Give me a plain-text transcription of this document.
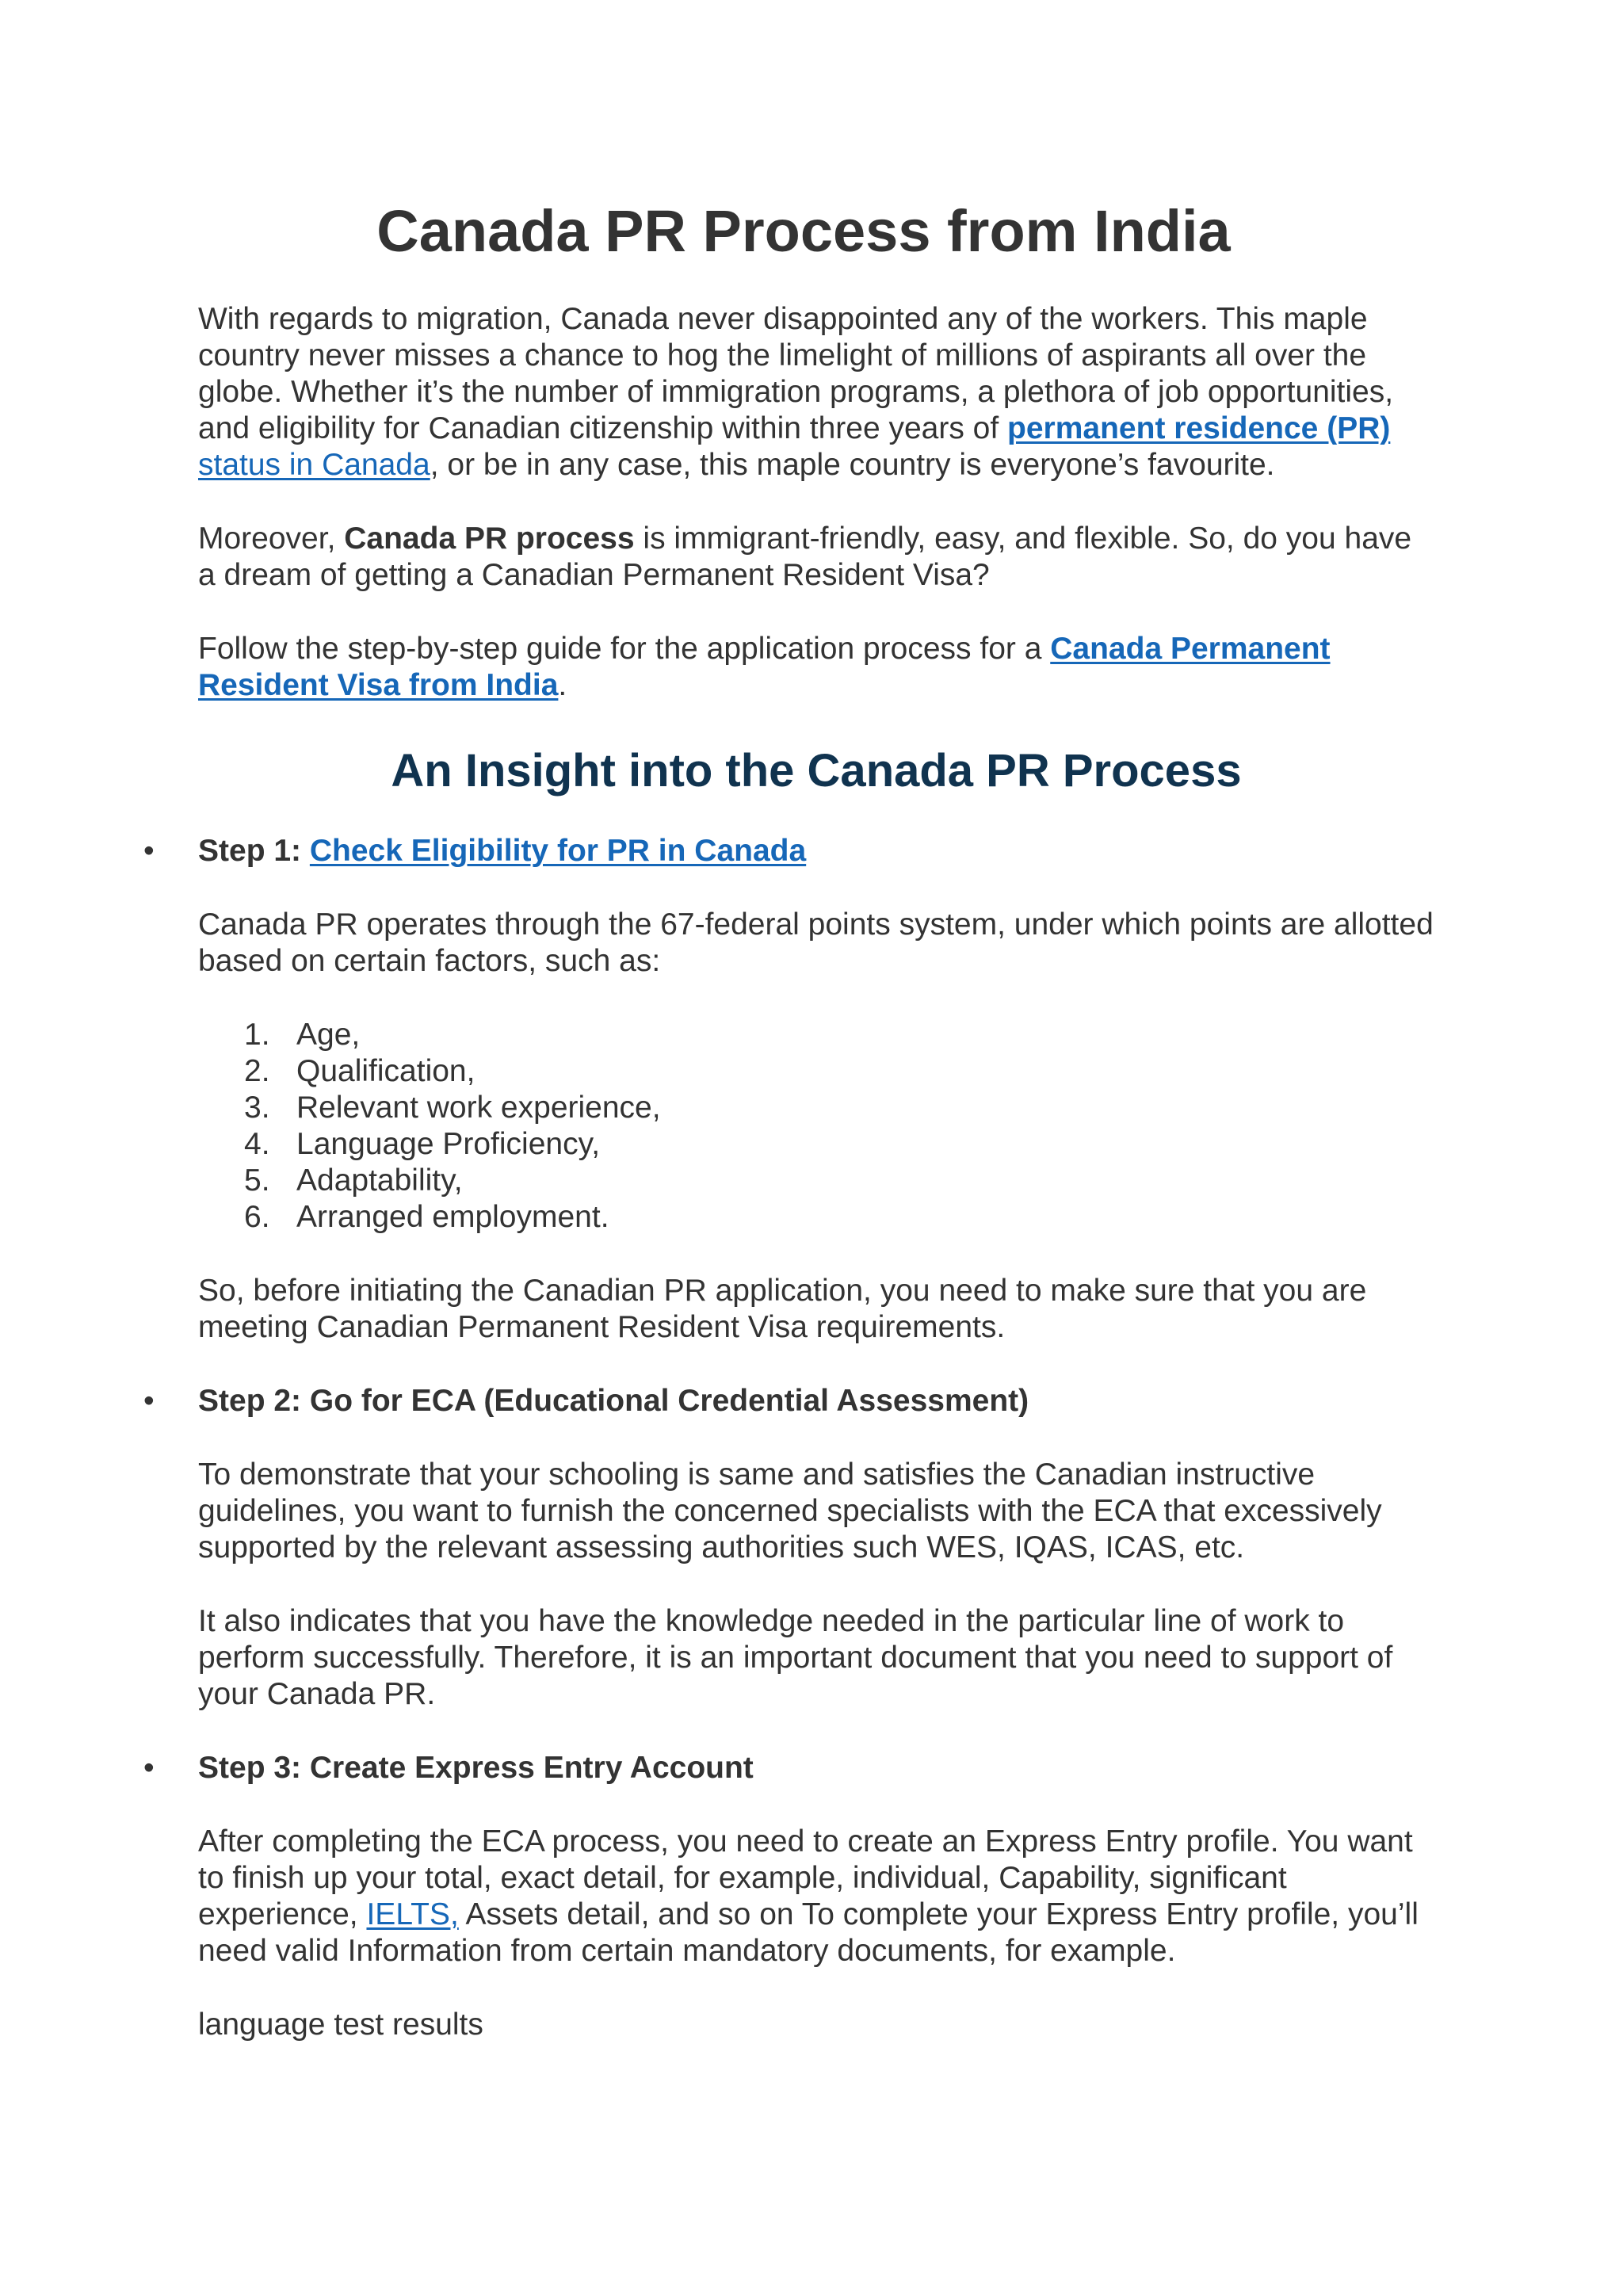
Canada PR Process from India

With regards to migration, Canada never disappointed any of the workers. This maple country never misses a chance to hog the limelight of millions of aspirants all over the globe. Whether it’s the number of immigration programs, a plethora of job opportunities, and eligibility for Canadian citizenship within three years of permanent residence (PR) status in Canada, or be in any case, this maple country is everyone’s favourite.

Moreover, Canada PR process is immigrant-friendly, easy, and flexible. So, do you have a dream of getting a Canadian Permanent Resident Visa?

Follow the step-by-step guide for the application process for a Canada Permanent Resident Visa from India.

An Insight into the Canada PR Process
• Step 1: Check Eligibility for PR in Canada

Canada PR operates through the 67-federal points system, under which points are allotted based on certain factors, such as:

1. Age,
2. Qualification,
3. Relevant work experience,
4. Language Proficiency,
5. Adaptability,
6. Arranged employment.

So, before initiating the Canadian PR application, you need to make sure that you are meeting Canadian Permanent Resident Visa requirements.

• Step 2: Go for ECA (Educational Credential Assessment)

To demonstrate that your schooling is same and satisfies the Canadian instructive guidelines, you want to furnish the concerned specialists with the ECA that excessively supported by the relevant assessing authorities such WES, IQAS, ICAS, etc.

It also indicates that you have the knowledge needed in the particular line of work to perform successfully. Therefore, it is an important document that you need to support of your Canada PR.

• Step 3: Create Express Entry Account

After completing the ECA process, you need to create an Express Entry profile. You want to finish up your total, exact detail, for example, individual, Capability, significant experience, IELTS, Assets detail, and so on To complete your Express Entry profile, you’ll need valid Information from certain mandatory documents, for example.

language test results
